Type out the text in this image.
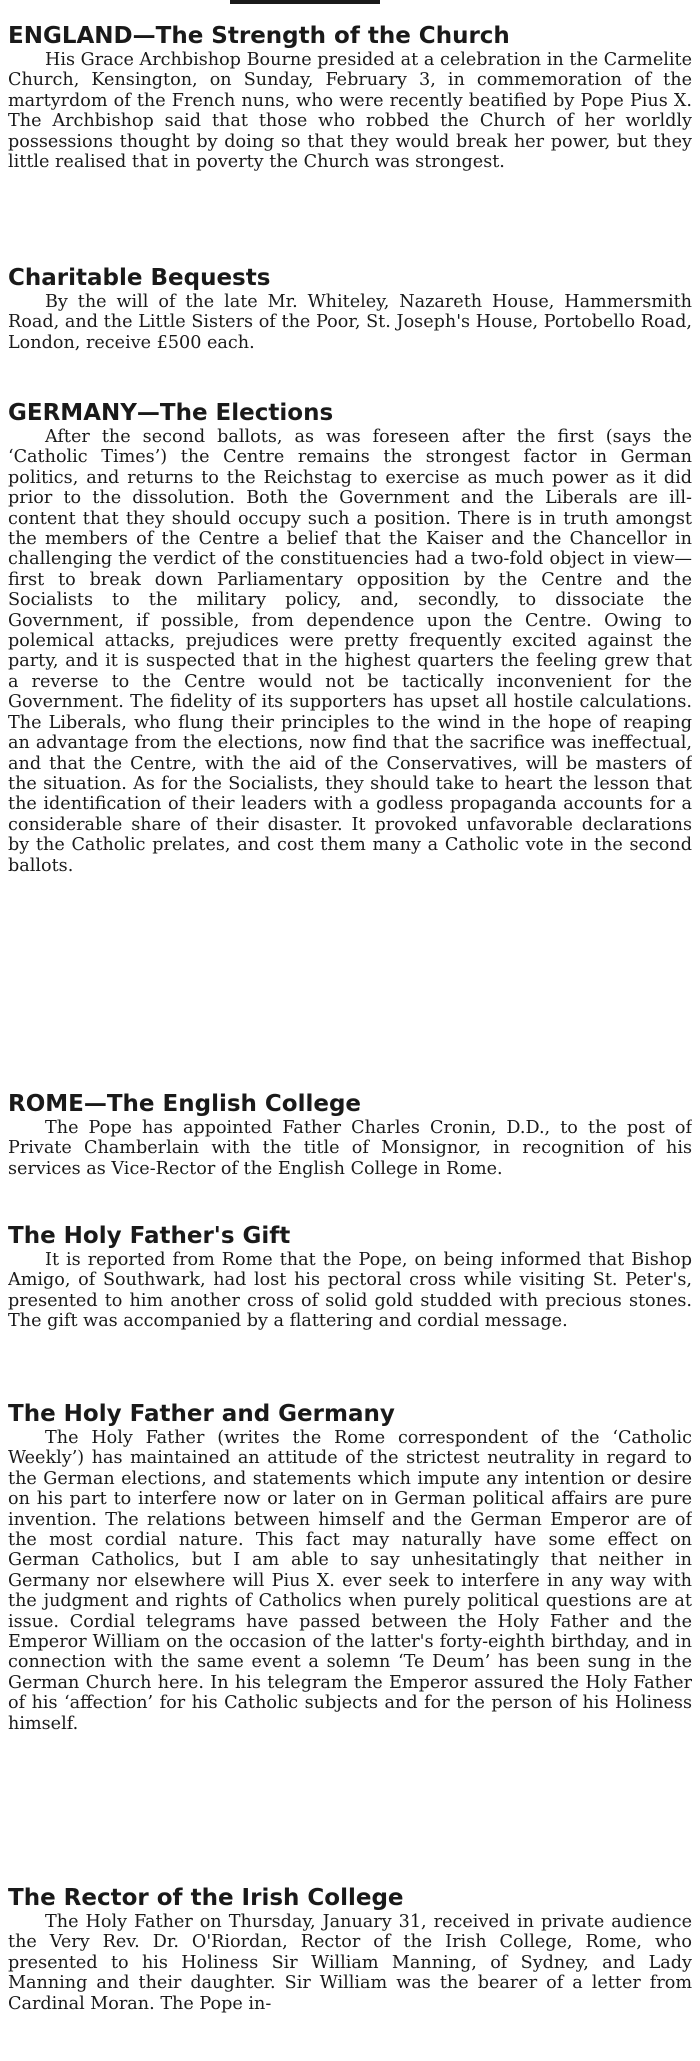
ENGLAND—The Strength of the Church

His Grace Archbishop Bourne presided at a celebration in the Carmelite Church, Kensington, on Sunday, February 3, in commemoration of the martyrdom of the French nuns, who were recently beatified by Pope Pius X. The Archbishop said that those who robbed the Church of her worldly possessions thought by doing so that they would break her power, but they little realised that in poverty the Church was strongest.

Charitable Bequests

By the will of the late Mr. Whiteley, Nazareth House, Hammersmith Road, and the Little Sisters of the Poor, St. Joseph's House, Portobello Road, London, receive £500 each.

GERMANY—The Elections

After the second ballots, as was foreseen after the first (says the ‘Catholic Times’) the Centre remains the strongest factor in German politics, and returns to the Reichstag to exercise as much power as it did prior to the dissolution. Both the Government and the Liberals are ill-content that they should occupy such a position. There is in truth amongst the members of the Centre a belief that the Kaiser and the Chancellor in challenging the verdict of the constituencies had a two-fold object in view—first to break down Parliamentary opposition by the Centre and the Socialists to the military policy, and, secondly, to dissociate the Government, if possible, from dependence upon the Centre. Owing to polemical attacks, prejudices were pretty frequently excited against the party, and it is suspected that in the highest quarters the feeling grew that a reverse to the Centre would not be tactically inconvenient for the Government. The fidelity of its supporters has upset all hostile calculations. The Liberals, who flung their principles to the wind in the hope of reaping an advantage from the elections, now find that the sacrifice was ineffectual, and that the Centre, with the aid of the Conservatives, will be masters of the situation. As for the Socialists, they should take to heart the lesson that the identification of their leaders with a godless propaganda accounts for a considerable share of their disaster. It provoked unfavorable declarations by the Catholic prelates, and cost them many a Catholic vote in the second ballots.

ROME—The English College

The Pope has appointed Father Charles Cronin, D.D., to the post of Private Chamberlain with the title of Monsignor, in recognition of his services as Vice-Rector of the English College in Rome.

The Holy Father's Gift

It is reported from Rome that the Pope, on being informed that Bishop Amigo, of Southwark, had lost his pectoral cross while visiting St. Peter's, presented to him another cross of solid gold studded with precious stones. The gift was accompanied by a flattering and cordial message.

The Holy Father and Germany

The Holy Father (writes the Rome correspondent of the ‘Catholic Weekly’) has maintained an attitude of the strictest neutrality in regard to the German elections, and statements which impute any intention or desire on his part to interfere now or later on in German political affairs are pure invention. The relations between himself and the German Emperor are of the most cordial nature. This fact may naturally have some effect on German Catholics, but I am able to say unhesitatingly that neither in Germany nor elsewhere will Pius X. ever seek to interfere in any way with the judgment and rights of Catholics when purely political questions are at issue. Cordial telegrams have passed between the Holy Father and the Emperor William on the occasion of the latter's forty-eighth birthday, and in connection with the same event a solemn ‘Te Deum’ has been sung in the German Church here. In his telegram the Emperor assured the Holy Father of his ‘affection’ for his Catholic subjects and for the person of his Holiness himself.

The Rector of the Irish College

The Holy Father on Thursday, January 31, received in private audience the Very Rev. Dr. O'Riordan, Rector of the Irish College, Rome, who presented to his Holiness Sir William Manning, of Sydney, and Lady Manning and their daughter. Sir William was the bearer of a letter from Cardinal Moran. The Pope in-
